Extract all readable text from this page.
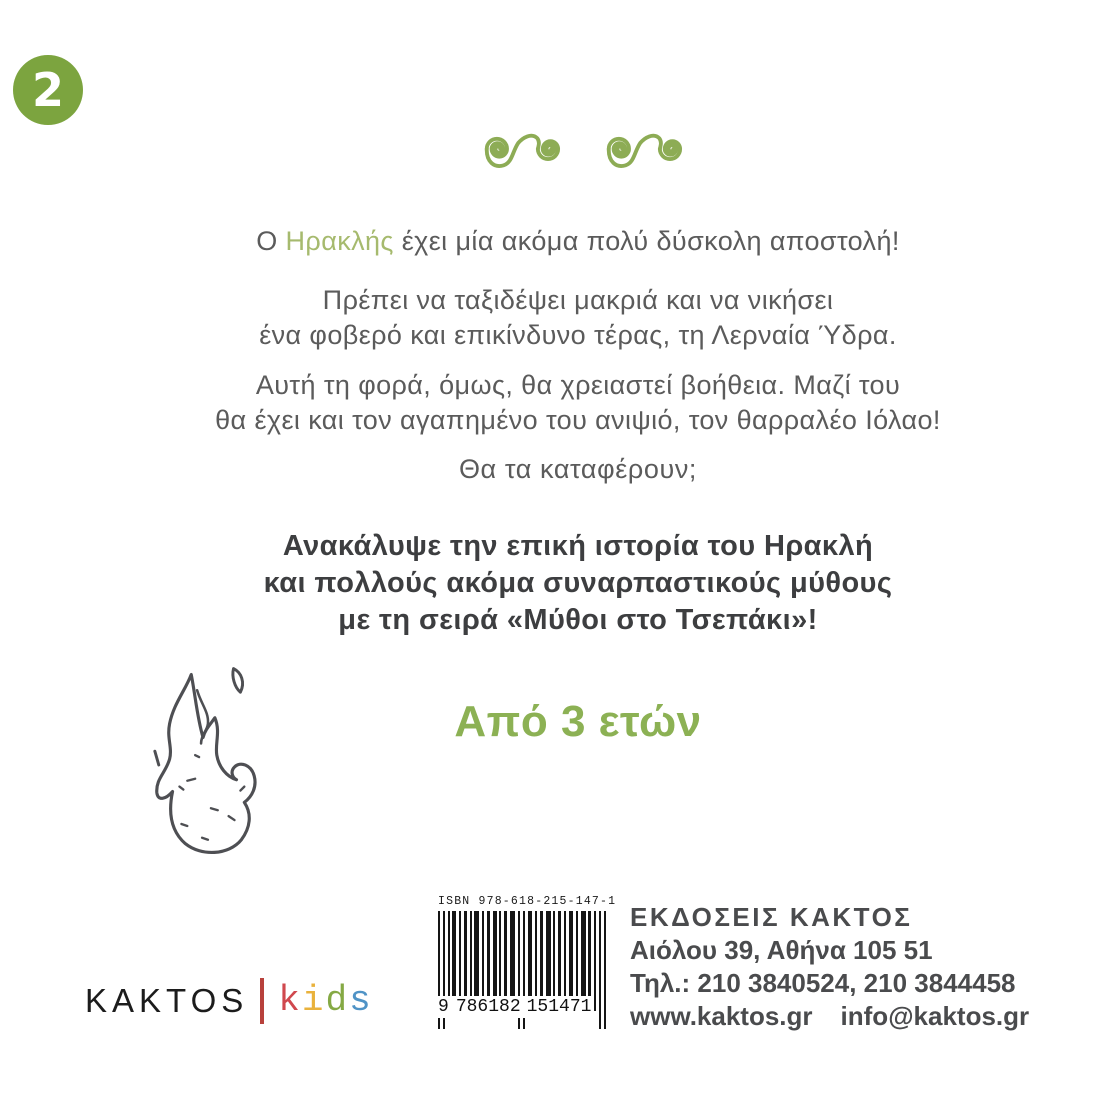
2
Ο Ηρακλής έχει μία ακόμα πολύ δύσκολη αποστολή!
Πρέπει να ταξιδέψει μακριά και να νικήσει
ένα φοβερό και επικίνδυνο τέρας, τη Λερναία Ύδρα.
Αυτή τη φορά, όμως, θα χρειαστεί βοήθεια. Μαζί του
θα έχει και τον αγαπημένο του ανιψιό, τον θαρραλέο Ιόλαο!
Θα τα καταφέρουν;
Ανακάλυψε την επική ιστορία του Ηρακλή
και πολλούς ακόμα συναρπαστικούς μύθους
με τη σειρά «Μύθοι στο Τσεπάκι»!
Από 3 ετών
ISBN 978-618-215-147-1
9 786182 151471
ΕΚΔΟΣΕΙΣ ΚΑΚΤΟΣ
Αιόλου 39, Αθήνα 105 51
Τηλ.: 210 3840524, 210 3844458
www.kaktos.gr info@kaktos.gr
KAKTOS kids
